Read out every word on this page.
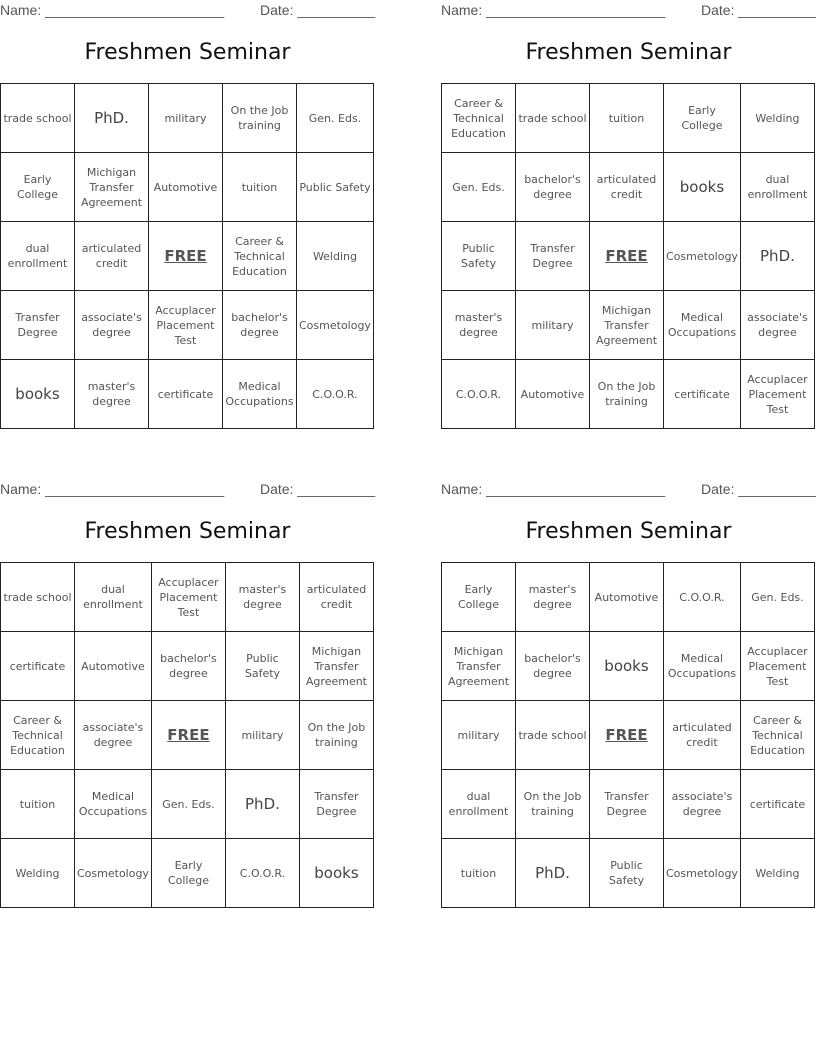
Name: _______________________	Date: __________
Freshmen Seminar
trade school	PhD.	military	On the Job training	Gen. Eds.
Early College	Michigan Transfer Agreement	Automotive	tuition	Public Safety
dual enrollment	articulated credit	FREE	Career & Technical Education	Welding
Transfer Degree	associate's degree	Accuplacer Placement Test	bachelor's degree	Cosmetology
books	master's degree	certificate	Medical Occupations	C.O.O.R.
Name: _______________________	Date: __________
Freshmen Seminar
Career & Technical Education	trade school	tuition	Early College	Welding
Gen. Eds.	bachelor's degree	articulated credit	books	dual enrollment
Public Safety	Transfer Degree	FREE	Cosmetology	PhD.
master's degree	military	Michigan Transfer Agreement	Medical Occupations	associate's degree
C.O.O.R.	Automotive	On the Job training	certificate	Accuplacer Placement Test
Name: _______________________	Date: __________
Freshmen Seminar
trade school	dual enrollment	Accuplacer Placement Test	master's degree	articulated credit
certificate	Automotive	bachelor's degree	Public Safety	Michigan Transfer Agreement
Career & Technical Education	associate's degree	FREE	military	On the Job training
tuition	Medical Occupations	Gen. Eds.	PhD.	Transfer Degree
Welding	Cosmetology	Early College	C.O.O.R.	books
Name: _______________________	Date: __________
Freshmen Seminar
Early College	master's degree	Automotive	C.O.O.R.	Gen. Eds.
Michigan Transfer Agreement	bachelor's degree	books	Medical Occupations	Accuplacer Placement Test
military	trade school	FREE	articulated credit	Career & Technical Education
dual enrollment	On the Job training	Transfer Degree	associate's degree	certificate
tuition	PhD.	Public Safety	Cosmetology	Welding
